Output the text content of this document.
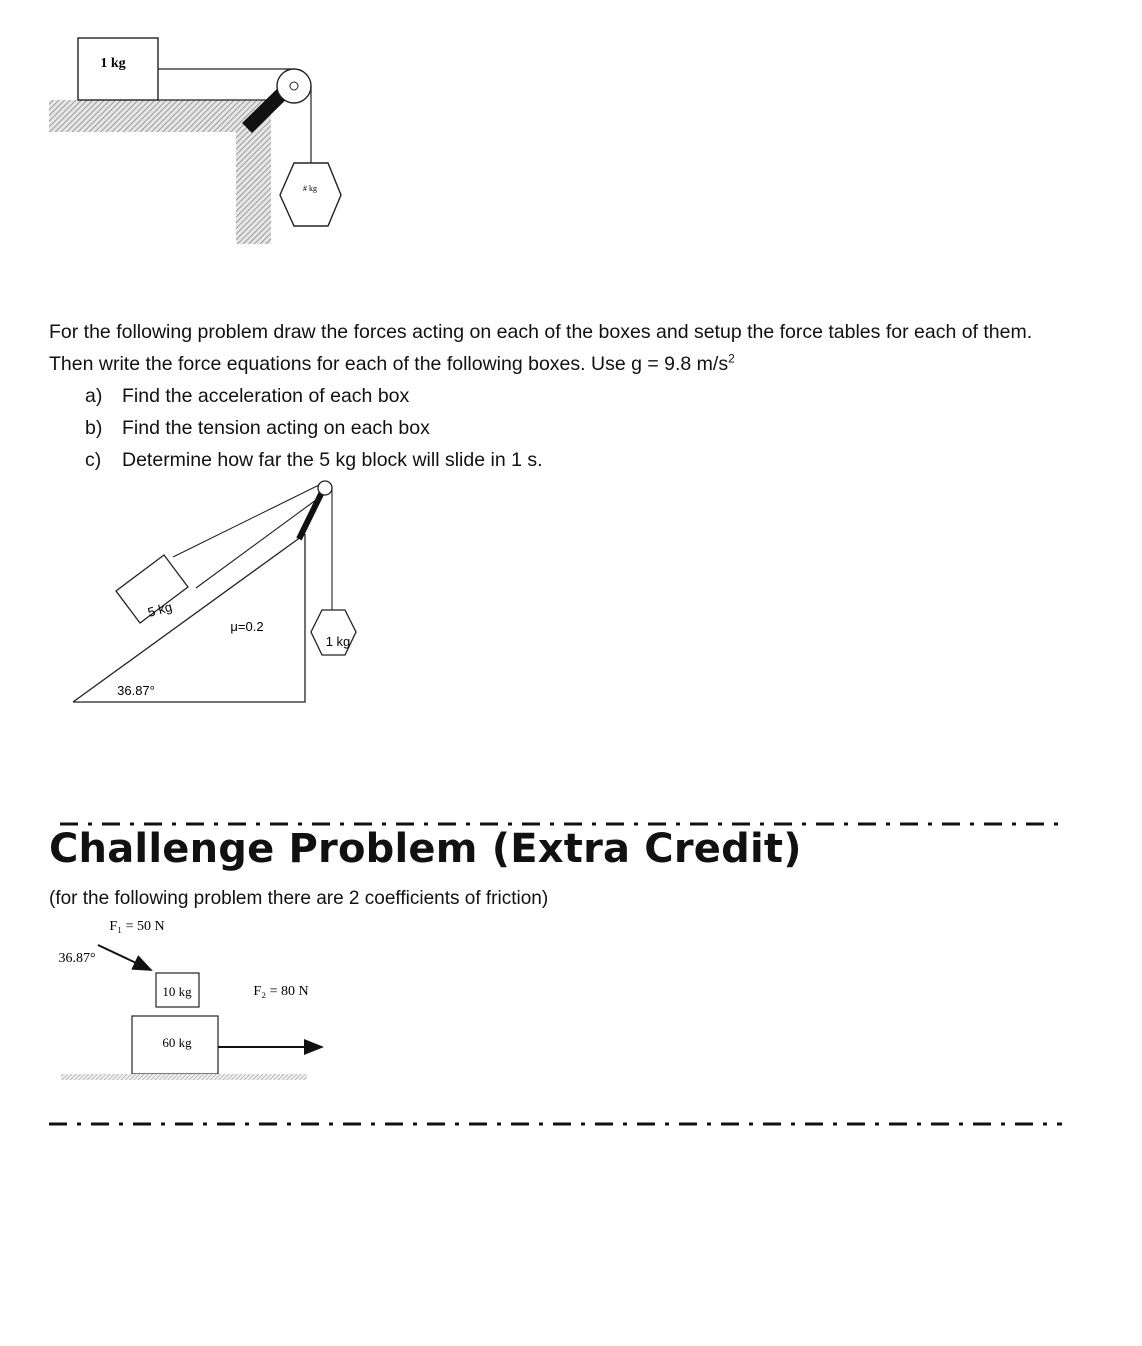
1 kg
# kg

For the following problem draw the forces acting on each of the boxes and setup the force tables for each of them. Then write the force equations for each of the following boxes. Use g = 9.8 $m/s^2$

a)	Find the acceleration of each box
b)	Find the tension acting on each box
c)	Determine how far the 5 kg block will slide in 1 s.
5 kg
1 kg
μ=0.2
36.87°
Challenge Problem (Extra Credit)
(for the following problem there are 2 coefficients of friction)
F₁ = 50 N
36.87°
10 kg	F₂ = 80 N
60 kg
